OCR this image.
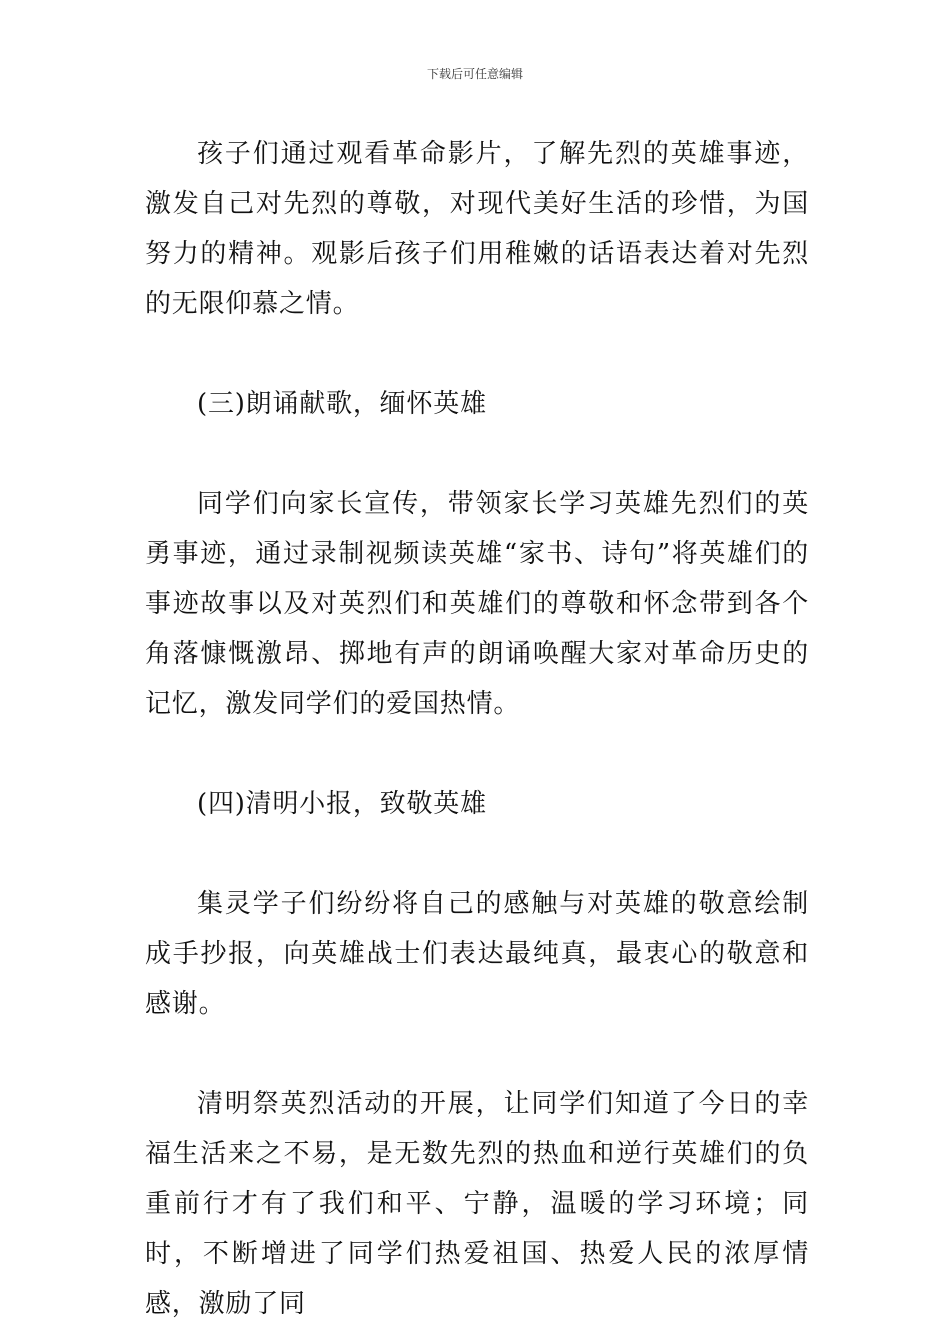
下载后可任意编辑

孩子们通过观看革命影片，了解先烈的英雄事迹，激发自己对先烈的尊敬，对现代美好生活的珍惜，为国努力的精神。观影后孩子们用稚嫩的话语表达着对先烈的无限仰慕之情。

(三)朗诵献歌，缅怀英雄

同学们向家长宣传，带领家长学习英雄先烈们的英勇事迹，通过录制视频读英雄“家书、诗句”将英雄们的事迹故事以及对英烈们和英雄们的尊敬和怀念带到各个角落慷慨激昂、掷地有声的朗诵唤醒大家对革命历史的记忆，激发同学们的爱国热情。

(四)清明小报，致敬英雄

集灵学子们纷纷将自己的感触与对英雄的敬意绘制成手抄报，向英雄战士们表达最纯真，最衷心的敬意和感谢。

清明祭英烈活动的开展，让同学们知道了今日的幸福生活来之不易，是无数先烈的热血和逆行英雄们的负重前行才有了我们和平、宁静，温暖的学习环境；同时，不断增进了同学们热爱祖国、热爱人民的浓厚情感，激励了同
